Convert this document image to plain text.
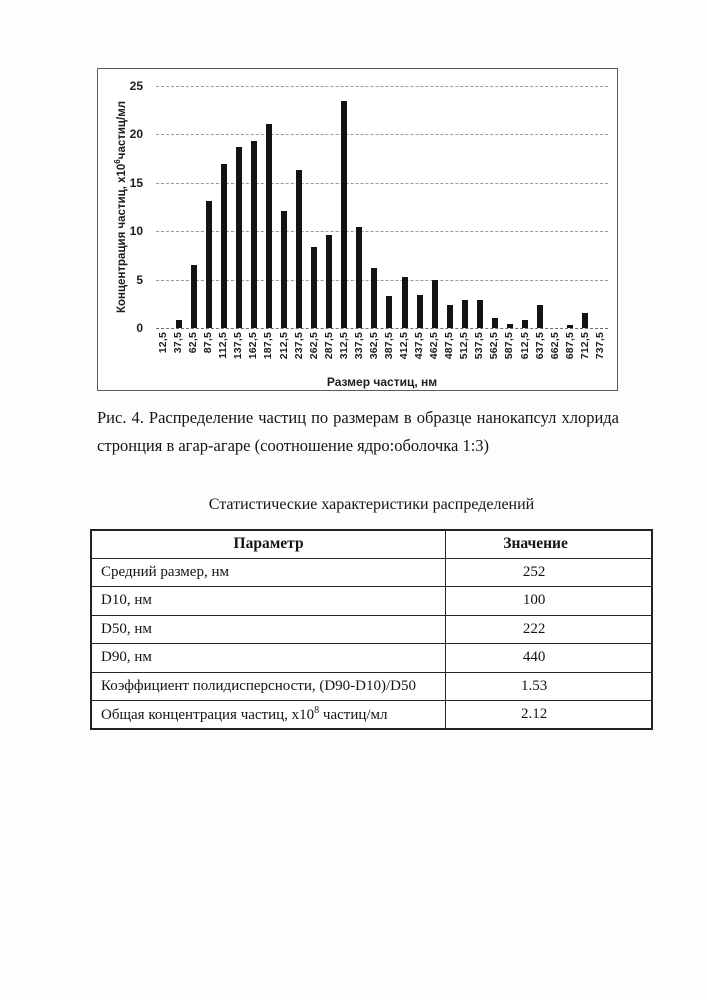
Концентрация частиц, $х10^6частиц/мл$
0
5
10
15
20
25
12,5 37,5 62,5 87,5 112,5 137,5 162,5 187,5 212,5 237,5 262,5 287,5 312,5 337,5 362,5 387,5 412,5 437,5 462,5 487,5 512,5 537,5 562,5 587,5 612,5 637,5 662,5 687,5 712,5 737,5
Размер частиц, нм
Рис. 4. Распределение частиц по размерам в образце нанокапсул хлорида
стронция в агар-агаре (соотношение ядро:оболочка 1:3)
Статистические характеристики распределений
Параметр	Значение
Средний размер, нм	252
D10, нм	100
D50, нм	222
D90, нм	440
Коэффициент полидисперсности, (D90-D10)/D50	1.53
Общая концентрация частиц, $х10^8$ частиц/мл	2.12
